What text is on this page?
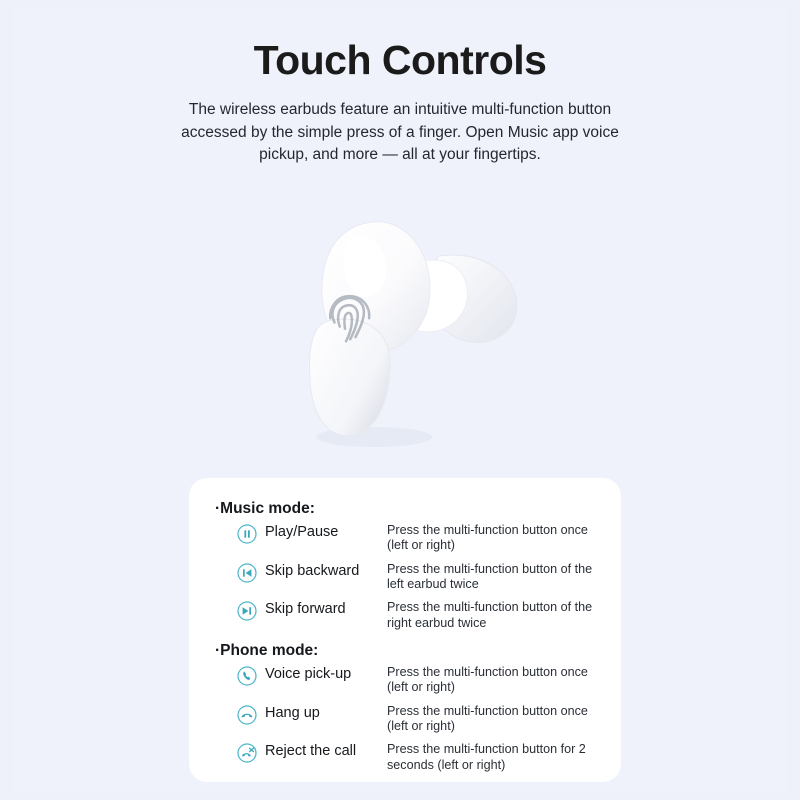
Touch Controls
The wireless earbuds feature an intuitive multi-function button accessed by the simple press of a finger. Open Music app voice pickup, and more — all at your fingertips.
·Music mode:
Play/Pause	Press the multi-function button once (left or right)
Skip backward	Press the multi-function button of the left earbud twice
Skip forward	Press the multi-function button of the right earbud twice
·Phone mode:
Voice pick-up	Press the multi-function button once (left or right)
Hang up	Press the multi-function button once (left or right)
Reject the call	Press the multi-function button for 2 seconds (left or right)
